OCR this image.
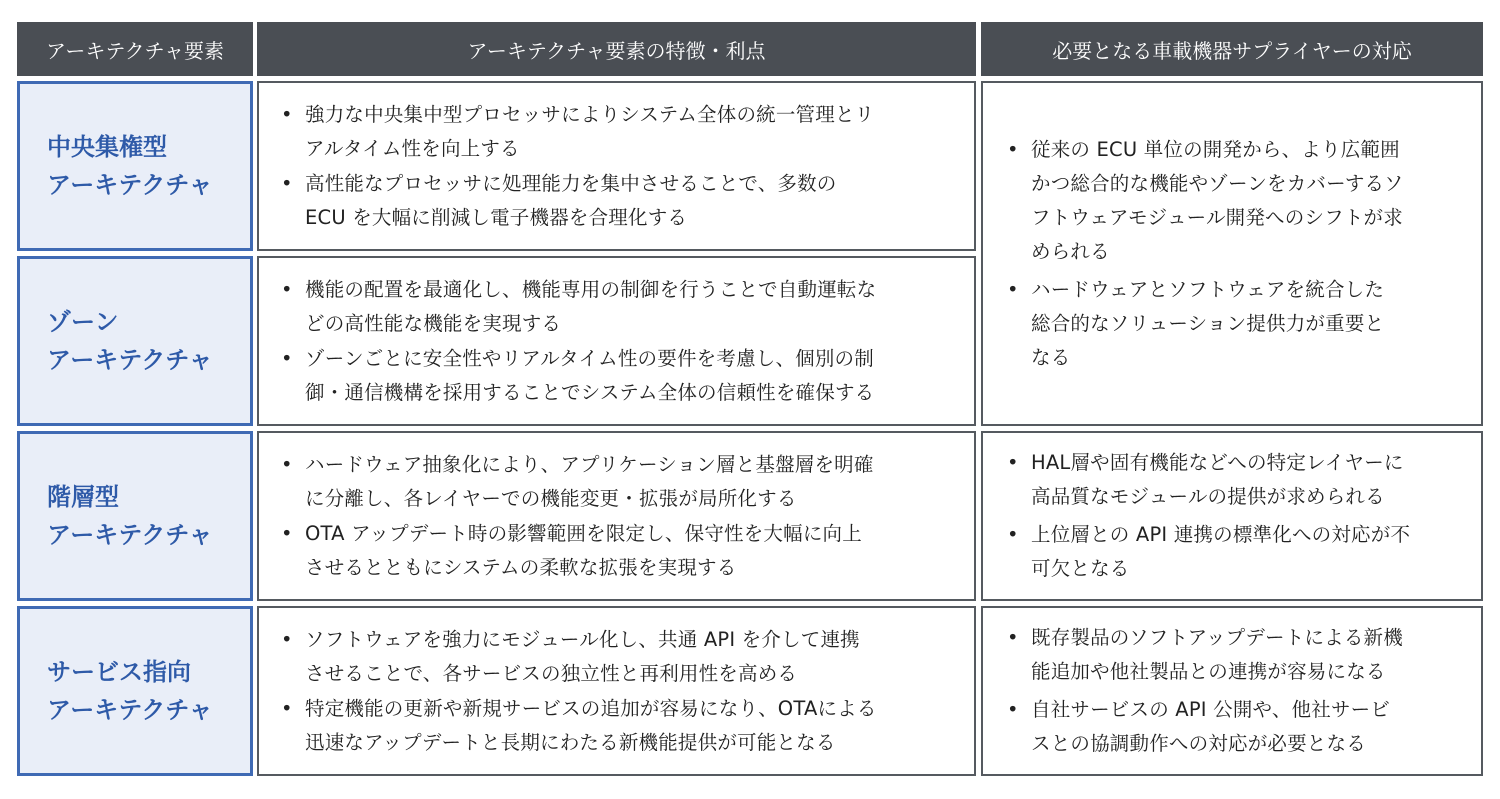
アーキテクチャ要素	アーキテクチャ要素の特徴・利点	必要となる車載機器サプライヤーの対応
中央集権型
アーキテクチャ
• 強力な中央集中型プロセッサによりシステム全体の統一管理とリ
アルタイム性を向上する
• 高性能なプロセッサに処理能力を集中させることで、多数の
ECU を大幅に削減し電子機器を合理化する
• 従来の ECU 単位の開発から、より広範囲
かつ総合的な機能やゾーンをカバーするソ
フトウェアモジュール開発へのシフトが求
められる
• ハードウェアとソフトウェアを統合した
総合的なソリューション提供力が重要と
なる
ゾーン
アーキテクチャ
• 機能の配置を最適化し、機能専用の制御を行うことで自動運転な
どの高性能な機能を実現する
• ゾーンごとに安全性やリアルタイム性の要件を考慮し、個別の制
御・通信機構を採用することでシステム全体の信頼性を確保する
階層型
アーキテクチャ
• ハードウェア抽象化により、アプリケーション層と基盤層を明確
に分離し、各レイヤーでの機能変更・拡張が局所化する
• OTA アップデート時の影響範囲を限定し、保守性を大幅に向上
させるとともにシステムの柔軟な拡張を実現する
• HAL層や固有機能などへの特定レイヤーに
高品質なモジュールの提供が求められる
• 上位層との API 連携の標準化への対応が不
可欠となる
サービス指向
アーキテクチャ
• ソフトウェアを強力にモジュール化し、共通 API を介して連携
させることで、各サービスの独立性と再利用性を高める
• 特定機能の更新や新規サービスの追加が容易になり、OTAによる
迅速なアップデートと長期にわたる新機能提供が可能となる
• 既存製品のソフトアップデートによる新機
能追加や他社製品との連携が容易になる
• 自社サービスの API 公開や、他社サービ
スとの協調動作への対応が必要となる
